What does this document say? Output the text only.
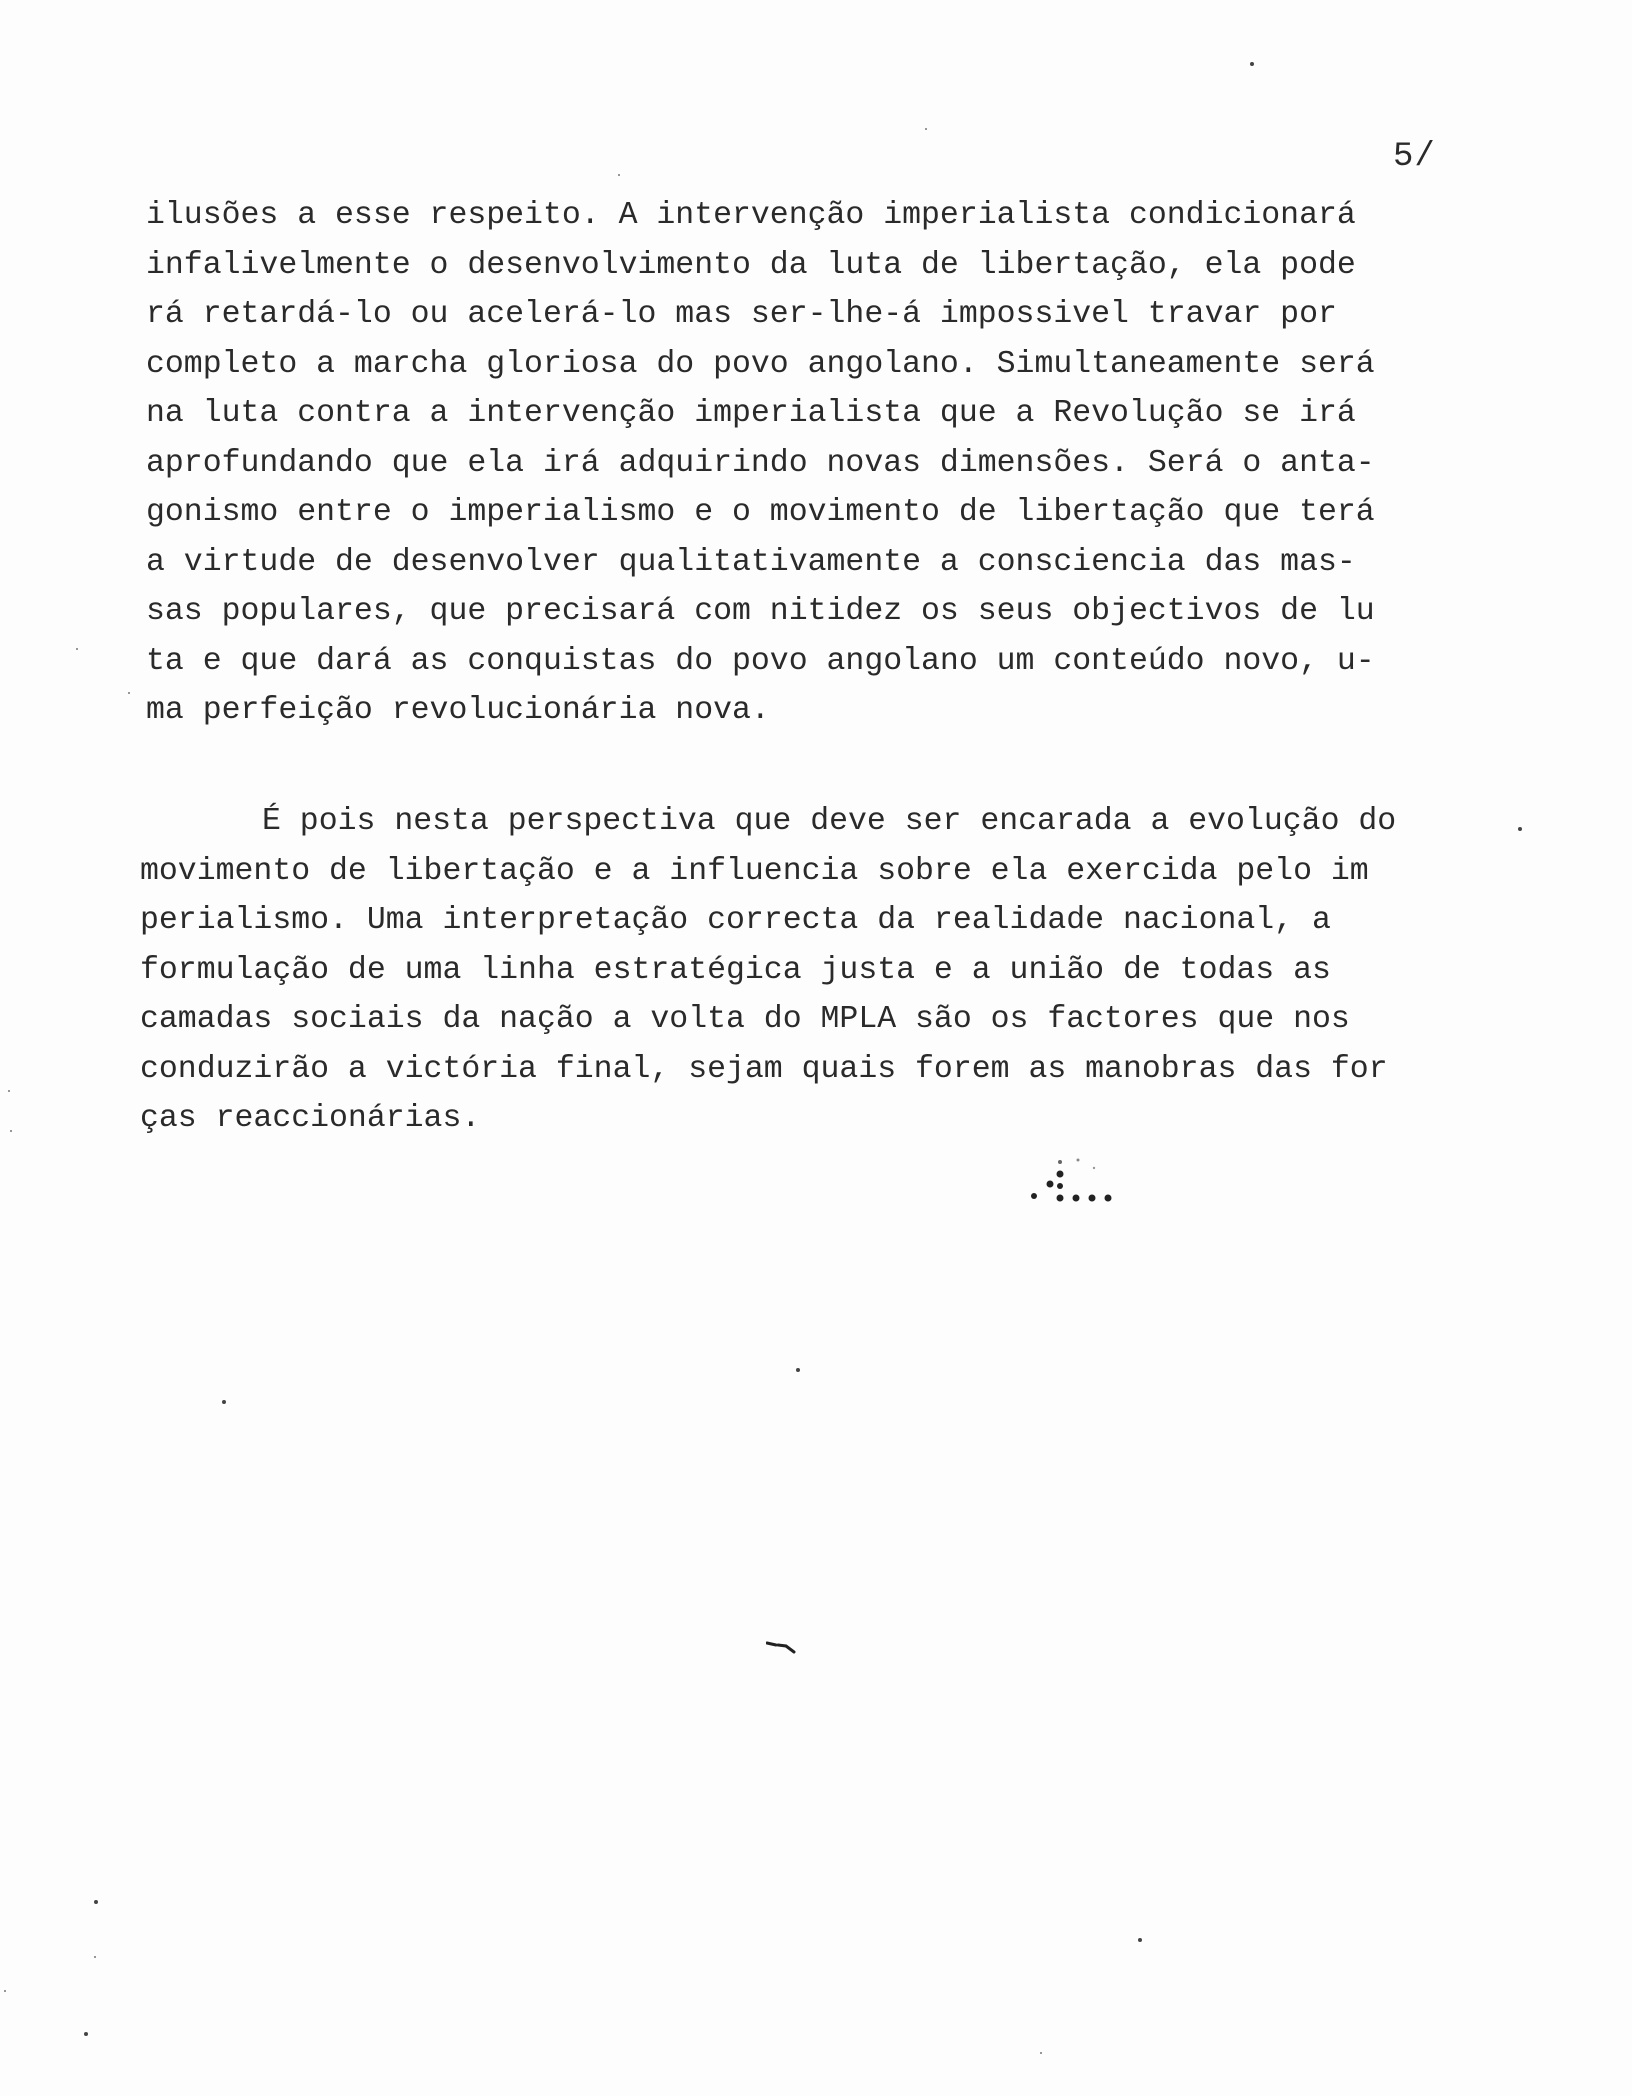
5/
ilusões a esse respeito. A intervenção imperialista condicionará
infalivelmente o desenvolvimento da luta de libertação, ela pode
rá retardá-lo ou acelerá-lo mas ser-lhe-á impossivel travar por
completo a marcha gloriosa do povo angolano. Simultaneamente será
na luta contra a intervenção imperialista que a Revolução se irá
aprofundando que ela irá adquirindo novas dimensões. Será o anta-
gonismo entre o imperialismo e o movimento de libertação que terá
a virtude de desenvolver qualitativamente a consciencia das mas-
sas populares, que precisará com nitidez os seus objectivos de lu
ta e que dará as conquistas do povo angolano um conteúdo novo, u-
ma perfeição revolucionária nova.
É pois nesta perspectiva que deve ser encarada a evolução do
movimento de libertação e a influencia sobre ela exercida pelo im
perialismo. Uma interpretação correcta da realidade nacional, a
formulação de uma linha estratégica justa e a união de todas as
camadas sociais da nação a volta do MPLA são os factores que nos
conduzirão a victória final, sejam quais forem as manobras das for
ças reaccionárias.
